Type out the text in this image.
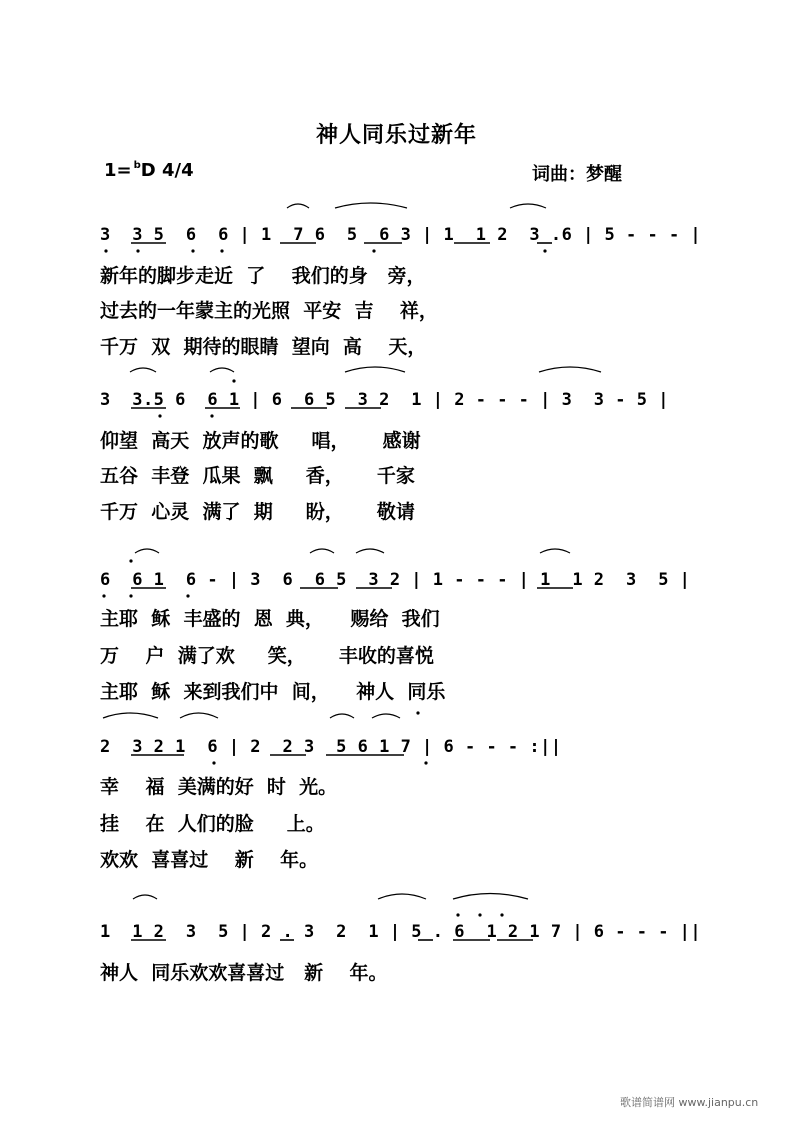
神人同乐过新年
1= $^b$D 4/4	词曲：梦醒
3  3 5  6  6 | 1  7 6  5  6 3 | 1  1 2  3 .6 | 5 - - - |
新年的脚步走近  了    我们的身   旁，
过去的一年蒙主的光照  平安  吉    祥，
千万  双  期待的眼睛  望向  高    天，
3  3.5 6  6 1 | 6  6 5  3 2  1 | 2 - - - | 3  3 - 5 |
仰望  高天  放声的歌     唱，     感谢
五谷  丰登  瓜果  飘     香，     千家
千万  心灵  满了  期     盼，     敬请
6  6 1  6 - | 3  6  6 5  3 2 | 1 - - - | 1  1 2  3  5 |
主耶  稣  丰盛的  恩  典，    赐给  我们
万    户  满了欢     笑，     丰收的喜悦
主耶  稣  来到我们中  间，    神人  同乐
2  3 2 1  6 | 2  2 3  5 6 1 7 | 6 - - - :||
幸    福  美满的好  时  光。
挂    在  人们的脸     上。
欢欢  喜喜过    新    年。
1  1 2  3  5 | 2 . 3  2  1 | 5 . 6  1 2 1 7 | 6 - - - ||
神人  同乐欢欢喜喜过   新    年。
歌谱简谱网 www.jianpu.cn
